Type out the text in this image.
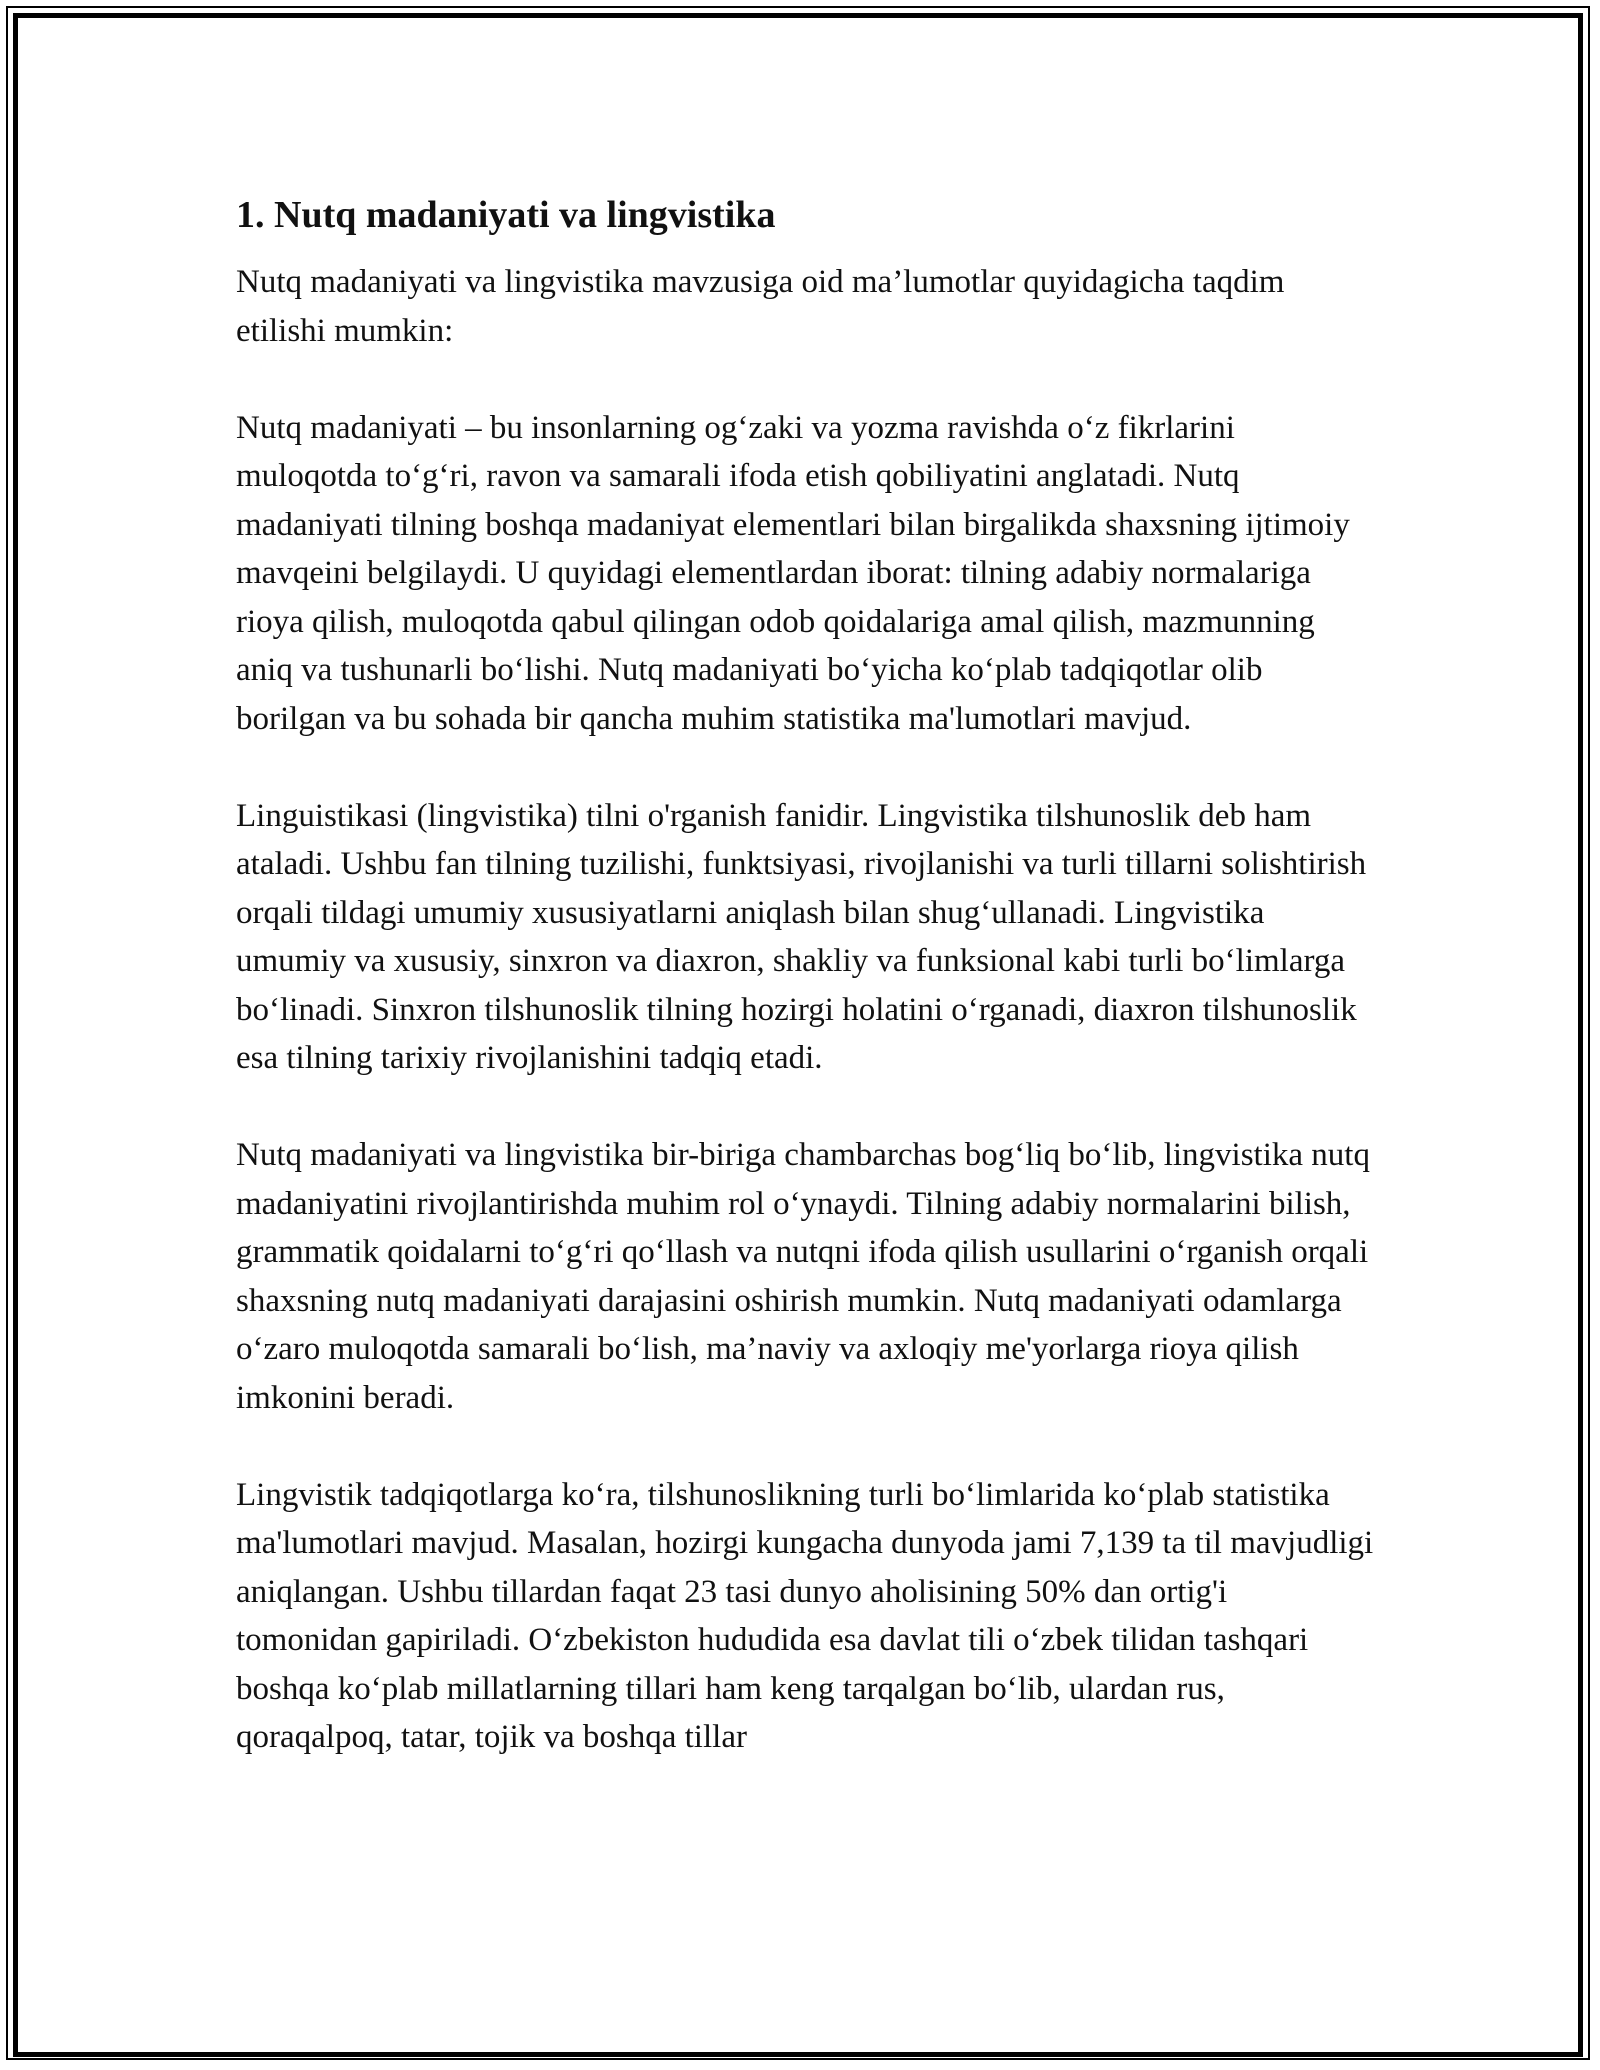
1. Nutq madaniyati va lingvistika

Nutq madaniyati va lingvistika mavzusiga oid ma’lumotlar quyidagicha taqdim etilishi mumkin:

Nutq madaniyati – bu insonlarning ogʻzaki va yozma ravishda oʻz fikrlarini muloqotda toʻgʻri, ravon va samarali ifoda etish qobiliyatini anglatadi. Nutq madaniyati tilning boshqa madaniyat elementlari bilan birgalikda shaxsning ijtimoiy mavqeini belgilaydi. U quyidagi elementlardan iborat: tilning adabiy normalariga rioya qilish, muloqotda qabul qilingan odob qoidalariga amal qilish, mazmunning aniq va tushunarli boʻlishi. Nutq madaniyati boʻyicha koʻplab tadqiqotlar olib borilgan va bu sohada bir qancha muhim statistika ma'lumotlari mavjud.

Linguistikasi (lingvistika) tilni o'rganish fanidir. Lingvistika tilshunoslik deb ham ataladi. Ushbu fan tilning tuzilishi, funktsiyasi, rivojlanishi va turli tillarni solishtirish orqali tildagi umumiy xususiyatlarni aniqlash bilan shugʻullanadi. Lingvistika umumiy va xususiy, sinxron va diaxron, shakliy va funksional kabi turli boʻlimlarga boʻlinadi. Sinxron tilshunoslik tilning hozirgi holatini oʻrganadi, diaxron tilshunoslik esa tilning tarixiy rivojlanishini tadqiq etadi.

Nutq madaniyati va lingvistika bir-biriga chambarchas bogʻliq boʻlib, lingvistika nutq madaniyatini rivojlantirishda muhim rol oʻynaydi. Tilning adabiy normalarini bilish, grammatik qoidalarni toʻgʻri qoʻllash va nutqni ifoda qilish usullarini oʻrganish orqali shaxsning nutq madaniyati darajasini oshirish mumkin. Nutq madaniyati odamlarga oʻzaro muloqotda samarali boʻlish, ma’naviy va axloqiy me'yorlarga rioya qilish imkonini beradi.

Lingvistik tadqiqotlarga koʻra, tilshunoslikning turli boʻlimlarida koʻplab statistika ma'lumotlari mavjud. Masalan, hozirgi kungacha dunyoda jami 7,139 ta til mavjudligi aniqlangan. Ushbu tillardan faqat 23 tasi dunyo aholisining 50% dan ortig'i tomonidan gapiriladi. Oʻzbekiston hududida esa davlat tili oʻzbek tilidan tashqari boshqa koʻplab millatlarning tillari ham keng tarqalgan boʻlib, ulardan rus, qoraqalpoq, tatar, tojik va boshqa tillar
